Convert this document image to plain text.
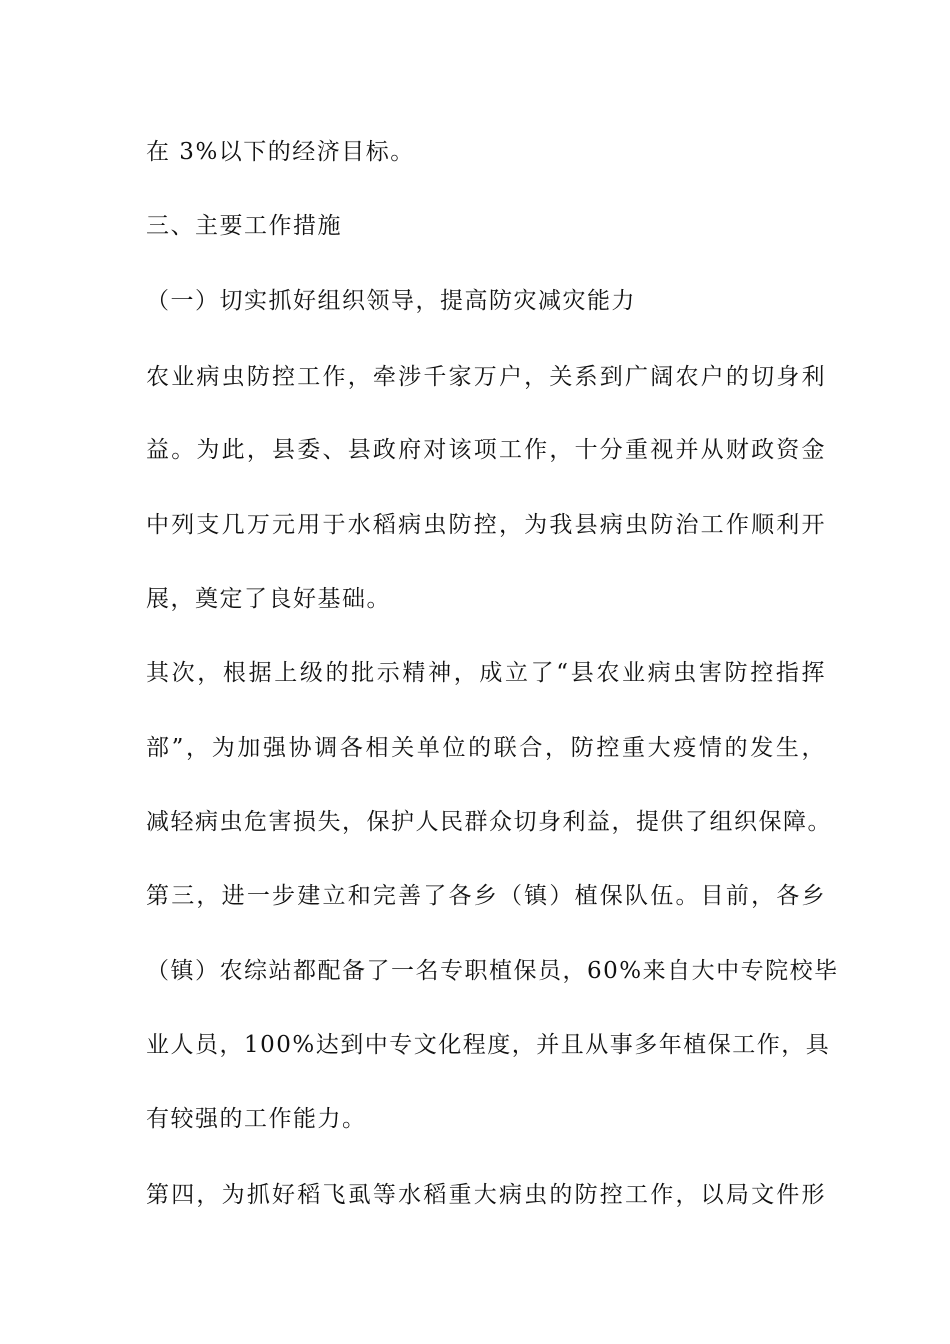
在 3%以下的经济目标。
三、主要工作措施
（一）切实抓好组织领导，提高防灾减灾能力
农业病虫防控工作，牵涉千家万户，关系到广阔农户的切身利
益。为此，县委、县政府对该项工作，十分重视并从财政资金
中列支几万元用于水稻病虫防控，为我县病虫防治工作顺利开
展，奠定了良好基础。
其次，根据上级的批示精神，成立了“县农业病虫害防控指挥
部”，为加强协调各相关单位的联合，防控重大疫情的发生，
减轻病虫危害损失，保护人民群众切身利益，提供了组织保障。
第三，进一步建立和完善了各乡（镇）植保队伍。目前，各乡
（镇）农综站都配备了一名专职植保员，60%来自大中专院校毕
业人员，100%达到中专文化程度，并且从事多年植保工作，具
有较强的工作能力。
第四，为抓好稻飞虱等水稻重大病虫的防控工作，以局文件形
